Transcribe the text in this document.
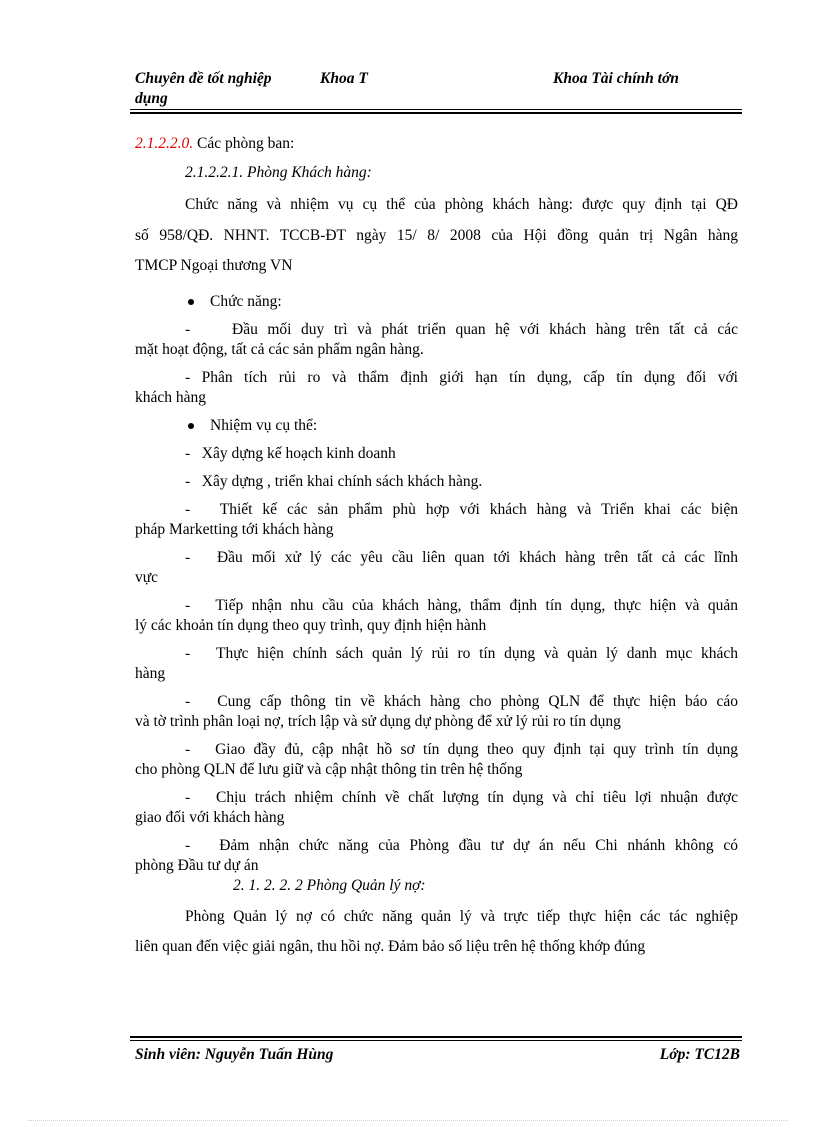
Chuyên đề tốt nghiệp	Khoa T	Khoa Tài chính tớn
dụng
2.1.2.2.0. Các phòng ban:
2.1.2.2.1. Phòng Khách hàng:
Chức năng và nhiệm vụ cụ thể của phòng khách hàng: được quy định tại QĐ
số 958/QĐ. NHNT. TCCB-ĐT ngày 15/ 8/ 2008 của Hội đồng quản trị Ngân hàng
TMCP Ngoại thương VN
Chức năng:
-	Đầu mối duy trì và phát triển quan hệ với khách hàng trên tất cả các
mặt hoạt động, tất cả các sản phẩm ngân hàng.
- Phân tích rủi ro và thẩm định giới hạn tín dụng, cấp tín dụng đối với
khách hàng
Nhiệm vụ cụ thể:
-   Xây dựng kế hoạch kinh doanh
-   Xây dựng , triển khai chính sách khách hàng.
-   Thiết kế các sản phẩm phù hợp với khách hàng và Triển khai các biện
pháp Marketting tới khách hàng
-   Đầu mối xử lý các yêu cầu liên quan tới khách hàng trên tất cả các lĩnh
vực
-   Tiếp nhận nhu cầu của khách hàng, thẩm định tín dụng, thực hiện và quản
lý các khoản tín dụng theo quy trình, quy định hiện hành
-   Thực hiện chính sách quản lý rủi ro tín dụng và quản lý danh mục khách
hàng
-   Cung cấp thông tin về khách hàng cho phòng QLN để thực hiện báo cáo
và tờ trình phân loại nợ, trích lập và sử dụng dự phòng để xử lý rủi ro tín dụng
-   Giao đầy đủ, cập nhật hồ sơ tín dụng theo quy định tại quy trình tín dụng
cho phòng QLN để lưu giữ và cập nhật thông tin trên hệ thống
-   Chịu trách nhiệm chính về chất lượng tín dụng và chỉ tiêu lợi nhuận được
giao đối với khách hàng
-   Đảm nhận chức năng của Phòng đầu tư dự án nếu Chi nhánh không có
phòng Đầu tư dự án
2. 1. 2. 2. 2 Phòng Quản lý nợ:
Phòng Quản lý nợ có chức năng quản lý và trực tiếp thực hiện các tác nghiệp
liên quan đến việc giải ngân, thu hồi nợ. Đảm bảo số liệu trên hệ thống khớp đúng
Sinh viên: Nguyễn Tuấn Hùng	Lớp: TC12B
